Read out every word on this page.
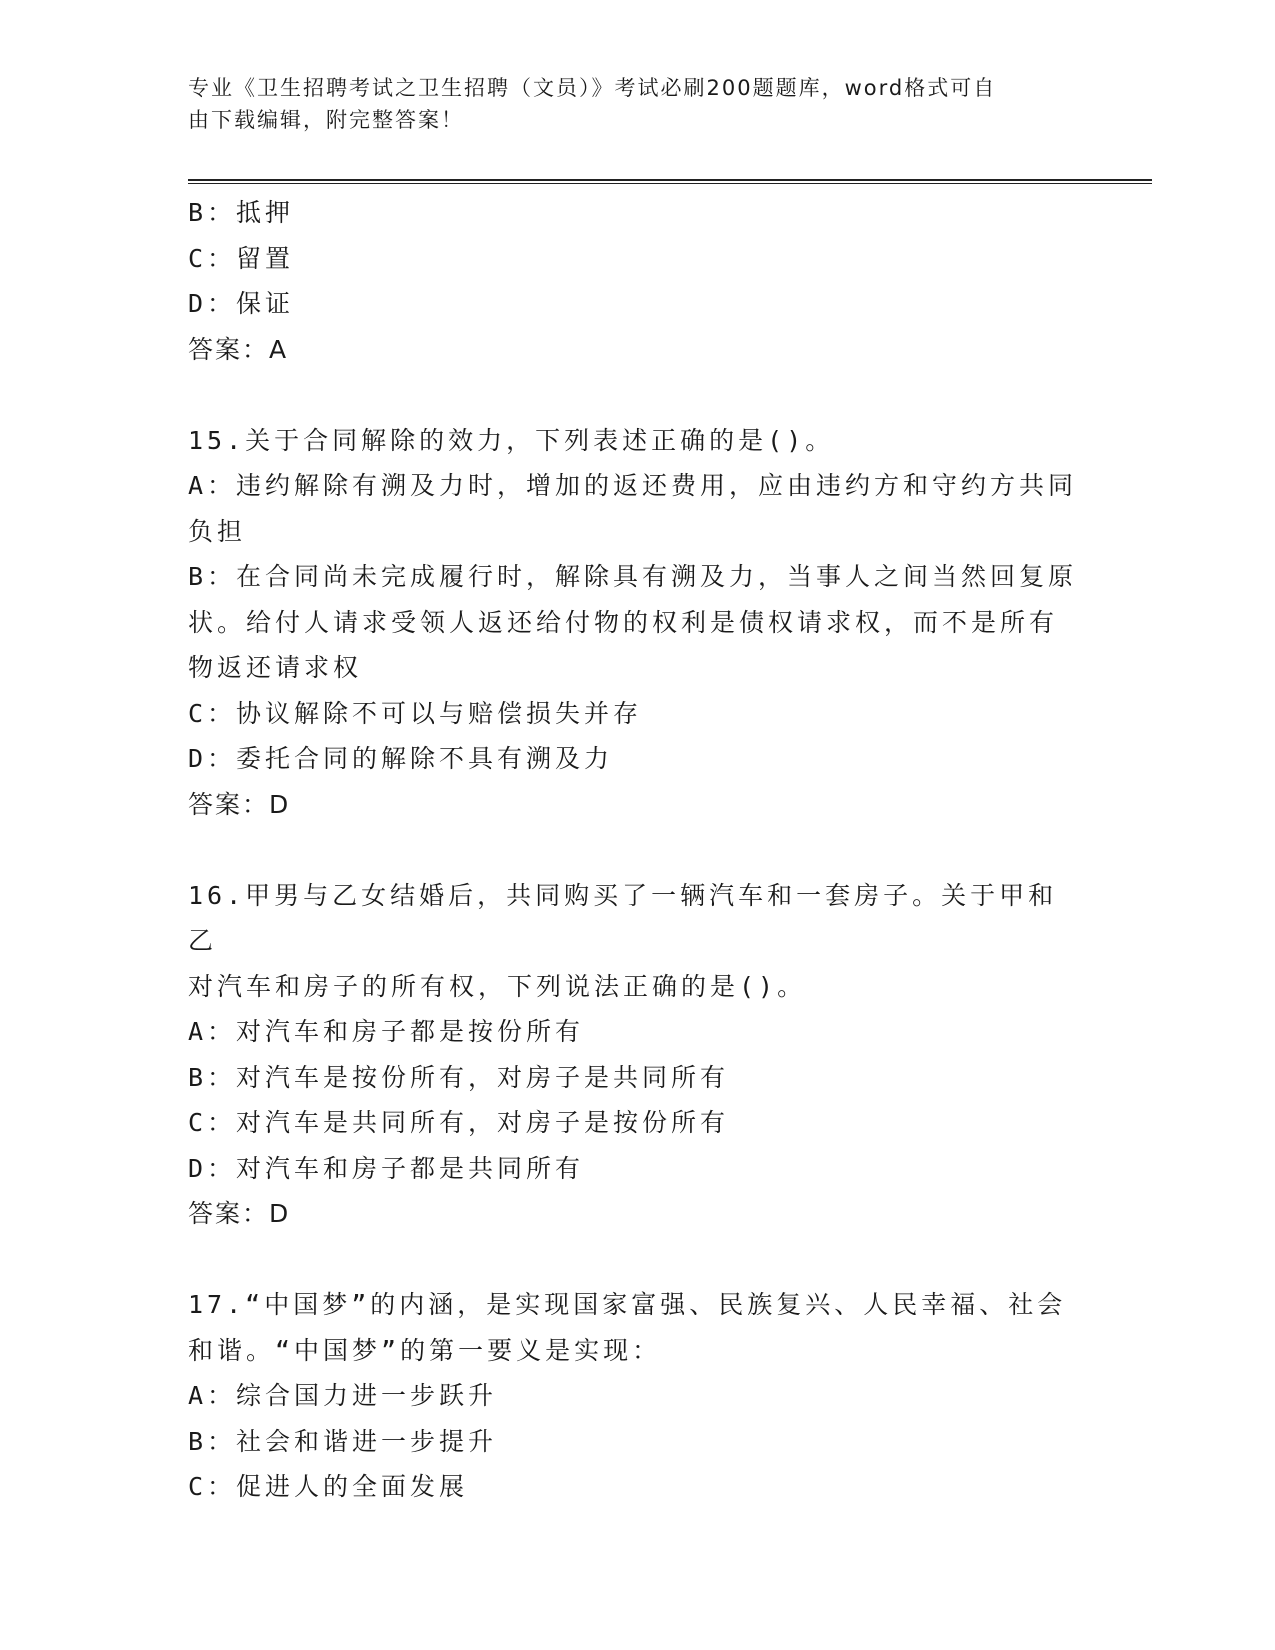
专业《卫生招聘考试之卫生招聘（文员）》考试必刷200题题库，word格式可自
由下载编辑，附完整答案！
B：抵押
C：留置
D：保证
答案：A
15.关于合同解除的效力，下列表述正确的是()。
A：违约解除有溯及力时，增加的返还费用，应由违约方和守约方共同
负担
B：在合同尚未完成履行时，解除具有溯及力，当事人之间当然回复原
状。给付人请求受领人返还给付物的权利是债权请求权，而不是所有
物返还请求权
C：协议解除不可以与赔偿损失并存
D：委托合同的解除不具有溯及力
答案：D
16.甲男与乙女结婚后，共同购买了一辆汽车和一套房子。关于甲和乙
对汽车和房子的所有权，下列说法正确的是()。
A：对汽车和房子都是按份所有
B：对汽车是按份所有，对房子是共同所有
C：对汽车是共同所有，对房子是按份所有
D：对汽车和房子都是共同所有
答案：D
17.“中国梦”的内涵，是实现国家富强、民族复兴、人民幸福、社会
和谐。“中国梦”的第一要义是实现：
A：综合国力进一步跃升
B：社会和谐进一步提升
C：促进人的全面发展
